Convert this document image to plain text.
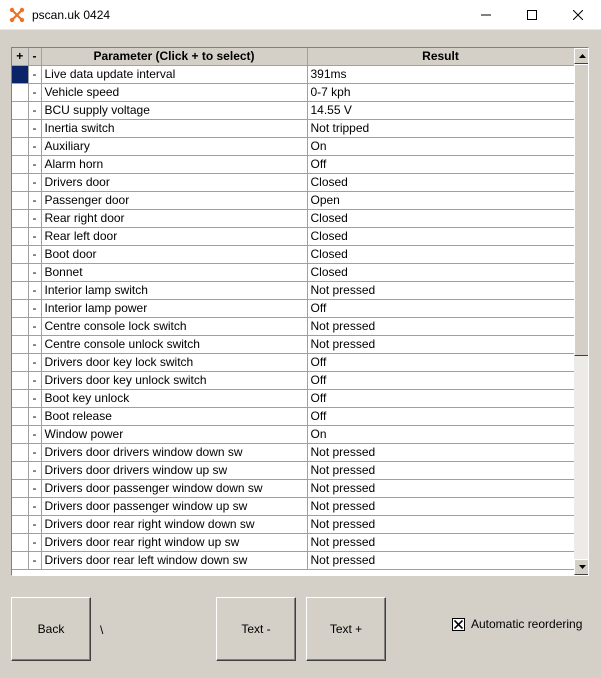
pscan.uk 0424
+	-	Parameter (Click + to select)	Result
	-	Live data update interval	391ms
	-	Vehicle speed	0-7 kph
	-	BCU supply voltage	14.55 V
	-	Inertia switch	Not tripped
	-	Auxiliary	On
	-	Alarm horn	Off
	-	Drivers door	Closed
	-	Passenger door	Open
	-	Rear right door	Closed
	-	Rear left door	Closed
	-	Boot door	Closed
	-	Bonnet	Closed
	-	Interior lamp switch	Not pressed
	-	Interior lamp power	Off
	-	Centre console lock switch	Not pressed
	-	Centre console unlock switch	Not pressed
	-	Drivers door key lock switch	Off
	-	Drivers door key unlock switch	Off
	-	Boot key unlock	Off
	-	Boot release	Off
	-	Window power	On
	-	Drivers door drivers window down sw	Not pressed
	-	Drivers door drivers window up sw	Not pressed
	-	Drivers door passenger window down sw	Not pressed
	-	Drivers door passenger window up sw	Not pressed
	-	Drivers door rear right window down sw	Not pressed
	-	Drivers door rear right window up sw	Not pressed
	-	Drivers door rear left window down sw	Not pressed
Back	\	Text -	Text +	Automatic reordering
